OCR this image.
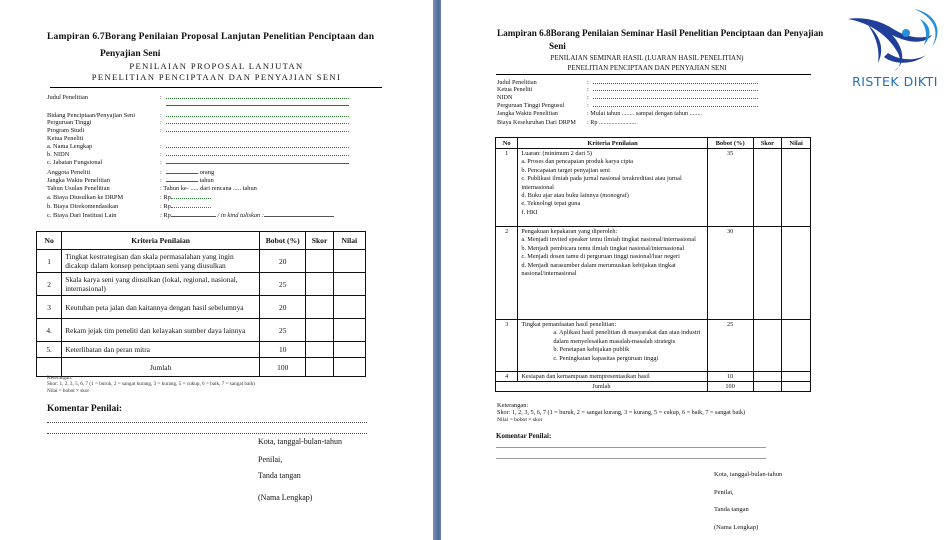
Lampiran 6.7Borang Penilaian Proposal Lanjutan Penelitian Penciptaan dan
Penyajian Seni
PENILAIAN PROPOSAL LANJUTAN
PENELITIAN PENCIPTAAN DAN PENYAJIAN SENI
Judul Penelitian	:
Bidang Penciptaan/Penyajian Seni	:
Perguruan Tinggi	:
Program Studi	:
Ketua Peneliti
a. Nama Lengkap	:
b. NIDN	:
c. Jabatan Fungsional	:
Anggota Peneliti	:	orang
Jangka Waktu Penelitian	:	tahun
Tahun Usulan Penelitian	: Tahun ke- ..... dari rencana ..... tahun
a. Biaya Diusulkan ke DRPM	: Rp
b. Biaya Direkomendasikan	: Rp
c. Biaya Dari Institusi Lain	: Rp	/ in kind tuliskan :
No	Kriteria Penilaian	Bobot (%)	Skor	Nilai
1	Tingkat kestrategisan dan skala permasalahan yang ingin dicakup dalam konsep penciptaan seni yang diusulkan	20		
2	Skala karya seni yang diusulkan (lokal, regional, nasional, internasional)	25		
3	Keutuhan peta jalan dan kaitannya dengan hasil sebelumnya	20		
4.	Rekam jejak tim peneliti dan kelayakan sumber daya lainnya	25		
5.	Keterlibatan dan peran mitra	10		
	Jumlah	100		
Keterangan:
Skor: 1, 2, 3, 5, 6, 7 (1 = buruk, 2 = sangat kurang, 3 = kurang, 5 = cukup, 6 = baik, 7 = sangat baik)
Nilai = bobot × skor
Komentar Penilai:
Kota, tanggal-bulan-tahun
Penilai,
Tanda tangan
(Nama Lengkap)
Lampiran 6.8Borang Penilaian Seminar Hasil Penelitian Penciptaan dan Penyajian
Seni
PENILAIAN SEMINAR HASIL (LUARAN HASIL PENELITIAN)
PENELITIAN PENCIPTAAN DAN PENYAJIAN SENI
Judul Penelitian	:
Ketua Peneliti	:
NIDN	:
Perguruan Tinggi Pengusul	:
Jangka Waktu Penelitian	: Mulai tahun ........ sampai dengan tahun ........
Biaya Keseluruhan Dari DRPM : Rp ........................
No	Kriteria Penilaian	Bobot (%)	Skor	Nilai
1	Luaran: (minimum 2 dari 5)
a. Proses dan pencapaian produk karya cipta
b. Pencapaian target penyajian seni
c. Publikasi ilmiah pada jurnal nasional terakreditasi atau jurnal internasional
d. Buku ajar atau buku lainnya (monograf)
e. Teknologi tepat guna
f. HKI
	35		
2	Pengakuan kepakaran yang diperoleh:
a. Menjadi invited speaker temu ilmiah tingkat nasional/internasional
b. Menjadi pembicara temu ilmiah tingkat nasional/internasional
c. Menjadi dosen tamu di perguruan tinggi nasional/luar negeri
d. Menjadi narasumber dalam merumuskan kebijakan tingkat nasional/internasional	30		
3	Tingkat pemanfaatan hasil penelitian:
a. Aplikasi hasil penelitian di masyarakat dan atau industri dalam menyelesaikan masalah-masalah strategis
b. Penetapan kebijakan publik
c. Peningkatan kapasitas perguruan tinggi	25		
4	Kesiapan dan kemampuan mempresentasikan hasil	10		
Jumlah		100		
Keterangan:
Skor: 1, 2, 3, 5, 6, 7 (1 = buruk, 2 = sangat kurang, 3 = kurang, 5 = cukup, 6 = baik, 7 = sangat baik)
Nilai = bobot × skor
Komentar Penilai:
Kota, tanggal-bulan-tahun
Penilai,
Tanda tangan
(Nama Lengkap)
RISTEK DIKTI
